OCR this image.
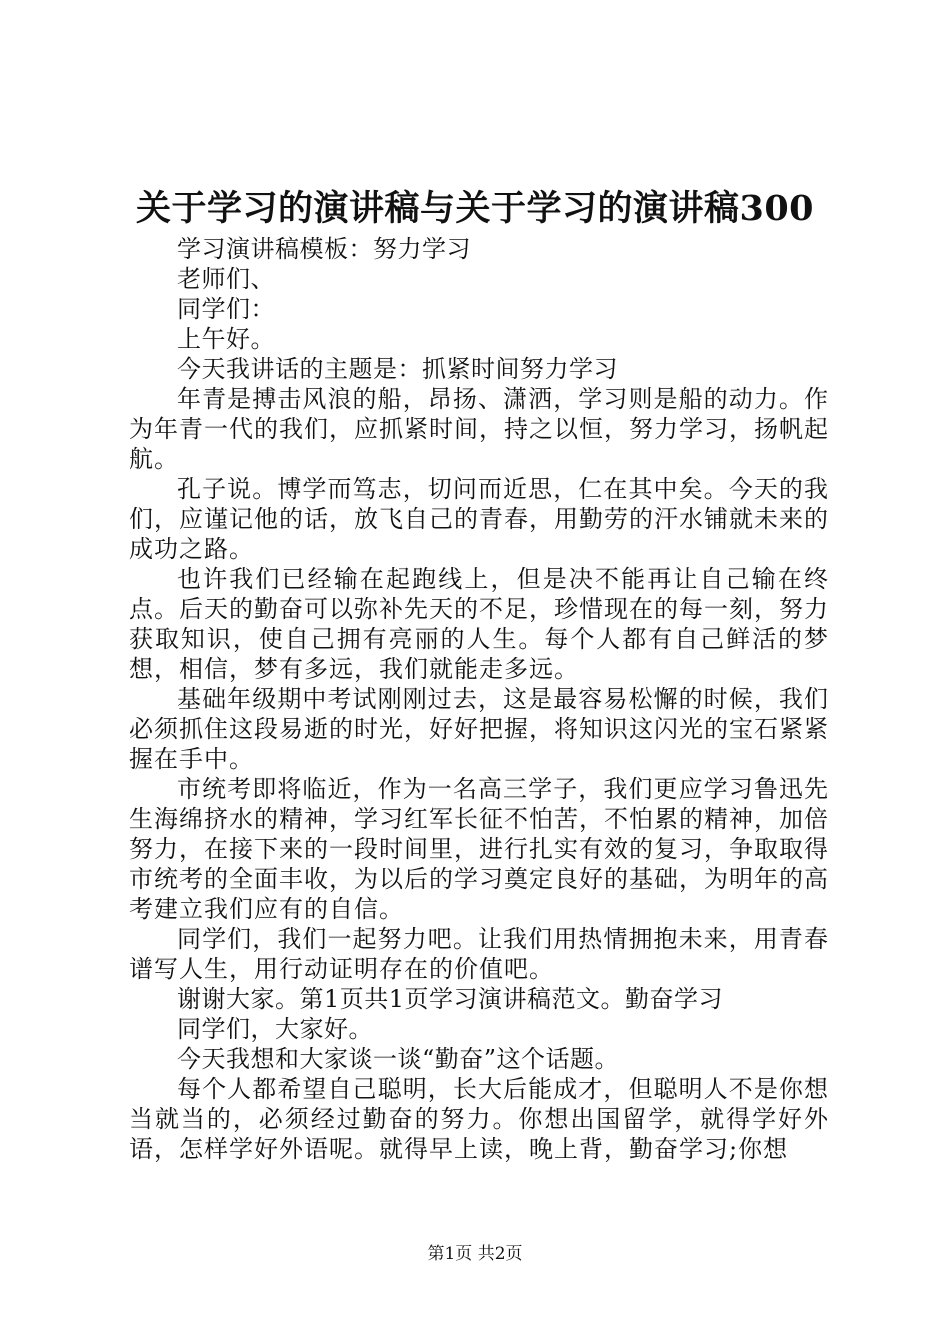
关于学习的演讲稿与关于学习的演讲稿300

学习演讲稿模板：努力学习

老师们、

同学们：

上午好。

今天我讲话的主题是：抓紧时间努力学习

年青是搏击风浪的船，昂扬、潇洒，学习则是船的动力。作为年青一代的我们，应抓紧时间，持之以恒，努力学习，扬帆起航。

孔子说。博学而笃志，切问而近思，仁在其中矣。今天的我们，应谨记他的话，放飞自己的青春，用勤劳的汗水铺就未来的成功之路。

也许我们已经输在起跑线上，但是决不能再让自己输在终点。后天的勤奋可以弥补先天的不足，珍惜现在的每一刻，努力获取知识，使自己拥有亮丽的人生。每个人都有自己鲜活的梦想，相信，梦有多远，我们就能走多远。

基础年级期中考试刚刚过去，这是最容易松懈的时候，我们必须抓住这段易逝的时光，好好把握，将知识这闪光的宝石紧紧握在手中。

市统考即将临近，作为一名高三学子，我们更应学习鲁迅先生海绵挤水的精神，学习红军长征不怕苦，不怕累的精神，加倍努力，在接下来的一段时间里，进行扎实有效的复习，争取取得市统考的全面丰收，为以后的学习奠定良好的基础，为明年的高考建立我们应有的自信。

同学们，我们一起努力吧。让我们用热情拥抱未来，用青春谱写人生，用行动证明存在的价值吧。

谢谢大家。第1页共1页学习演讲稿范文。勤奋学习

同学们，大家好。

今天我想和大家谈一谈“勤奋”这个话题。

每个人都希望自己聪明，长大后能成才，但聪明人不是你想当就当的，必须经过勤奋的努力。你想出国留学，就得学好外语，怎样学好外语呢。就得早上读，晚上背，勤奋学习;你想

第1页 共2页
